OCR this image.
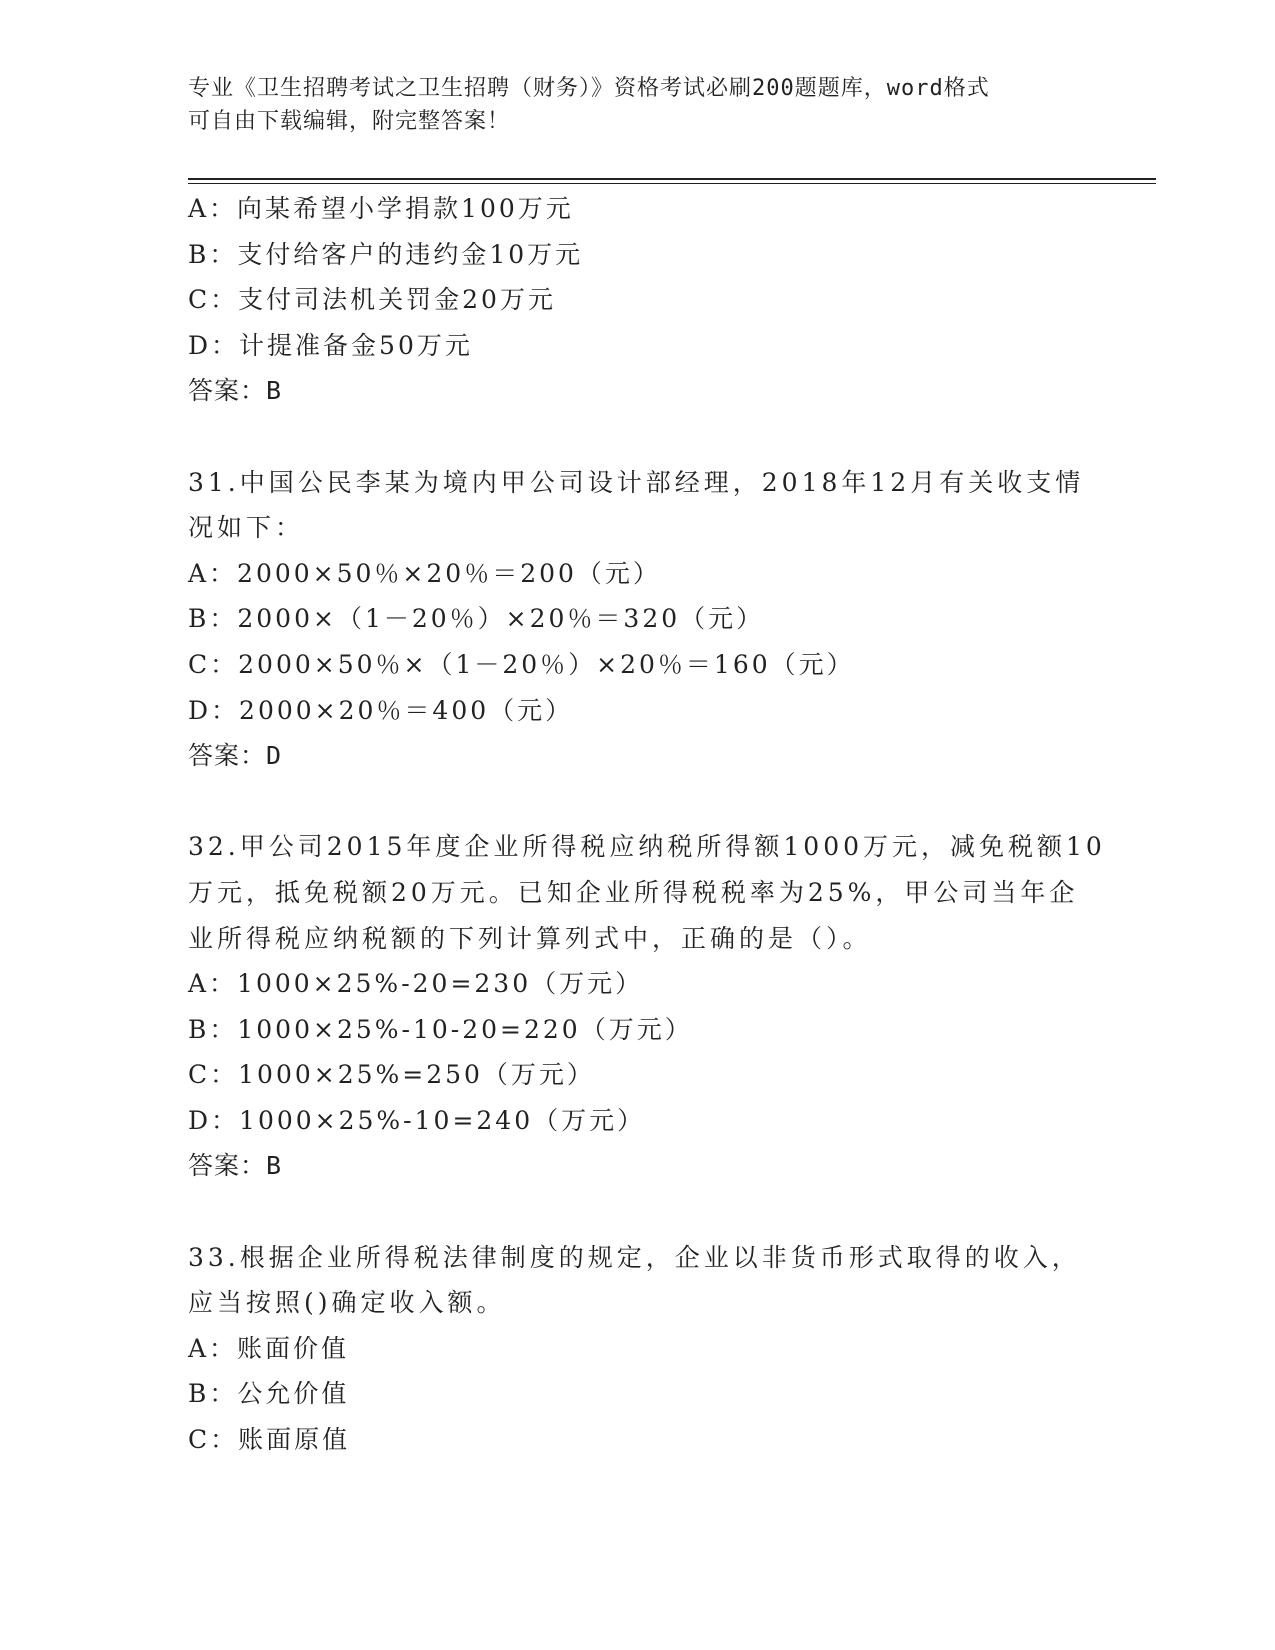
专业《卫生招聘考试之卫生招聘（财务）》资格考试必刷200题题库，word格式
可自由下载编辑，附完整答案！
A：向某希望小学捐款100万元
B：支付给客户的违约金10万元
C：支付司法机关罚金20万元
D：计提准备金50万元
答案：B
31.中国公民李某为境内甲公司设计部经理，2018年12月有关收支情
况如下：
A：2000×50％×20％＝200（元）
B：2000×（1－20％）×20％＝320（元）
C：2000×50％×（1－20％）×20％＝160（元）
D：2000×20％＝400（元）
答案：D
32.甲公司2015年度企业所得税应纳税所得额1000万元，减免税额10
万元，抵免税额20万元。已知企业所得税税率为25%，甲公司当年企
业所得税应纳税额的下列计算列式中，正确的是（）。
A：1000×25%-20=230（万元）
B：1000×25%-10-20=220（万元）
C：1000×25%=250（万元）
D：1000×25%-10=240（万元）
答案：B
33.根据企业所得税法律制度的规定，企业以非货币形式取得的收入，
应当按照()确定收入额。
A：账面价值
B：公允价值
C：账面原值
